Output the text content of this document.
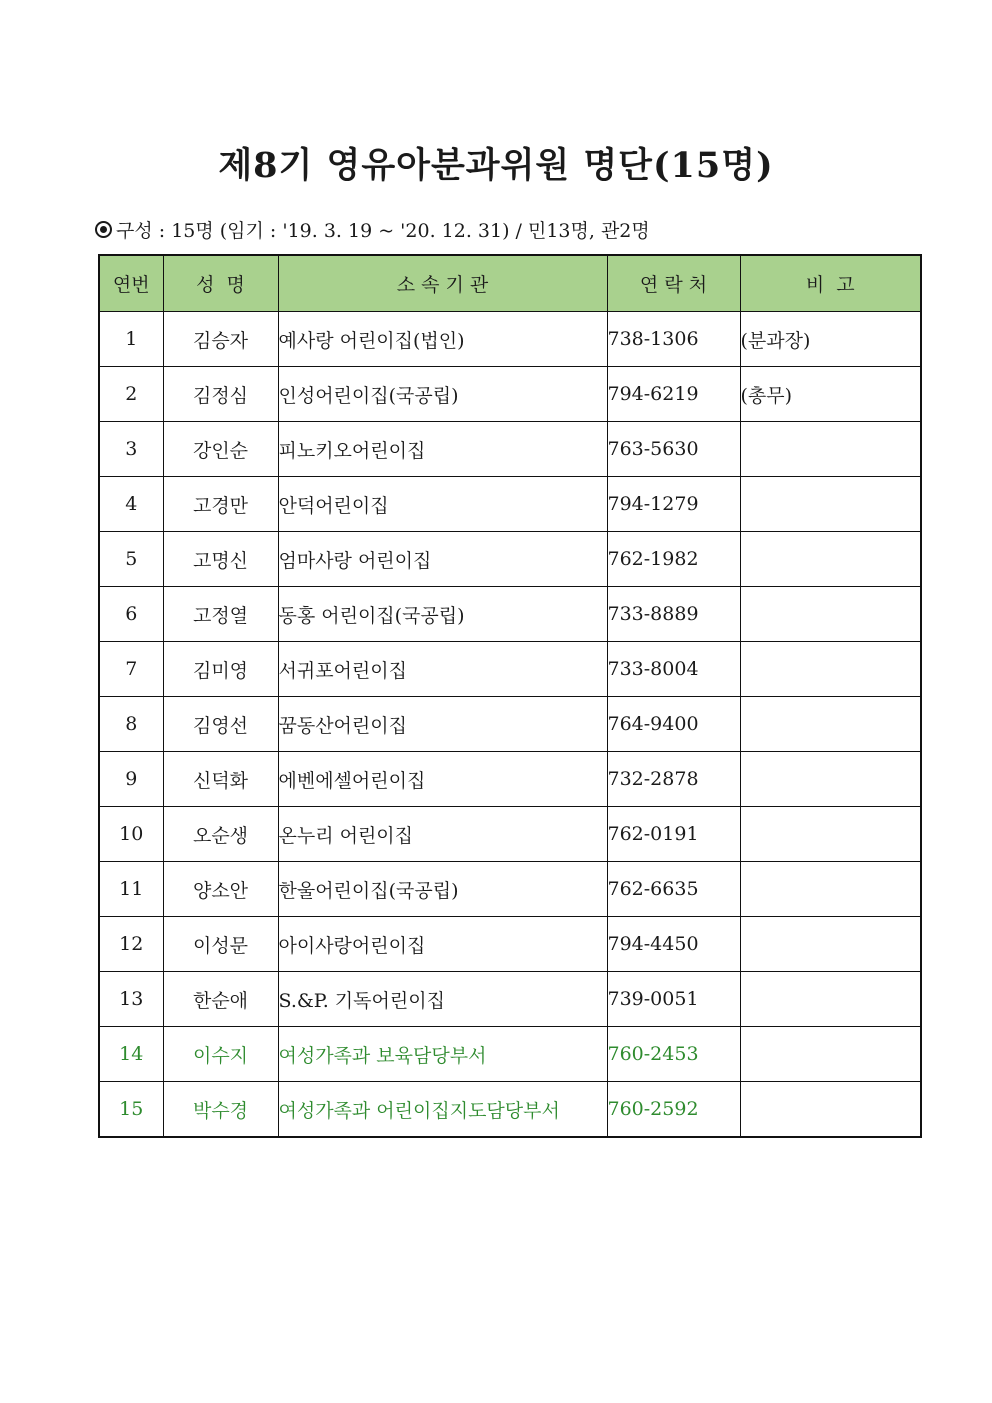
제8기 영유아분과위원 명단(15명)
구성 : 15명 (임기 : '19. 3. 19 ~ '20. 12. 31) / 민13명, 관2명
연번	성  명	소 속 기 관	연 락 처	비  고
1	김승자	예사랑 어린이집(법인)	738-1306	(분과장)
2	김정심	인성어린이집(국공립)	794-6219	(총무)
3	강인순	피노키오어린이집	763-5630	
4	고경만	안덕어린이집	794-1279	
5	고명신	엄마사랑 어린이집	762-1982	
6	고정열	동홍 어린이집(국공립)	733-8889	
7	김미영	서귀포어린이집	733-8004	
8	김영선	꿈동산어린이집	764-9400	
9	신덕화	에벤에셀어린이집	732-2878	
10	오순생	온누리 어린이집	762-0191	
11	양소안	한울어린이집(국공립)	762-6635	
12	이성문	아이사랑어린이집	794-4450	
13	한순애	S.&P. 기독어린이집	739-0051	
14	이수지	여성가족과 보육담당부서	760-2453	
15	박수경	여성가족과 어린이집지도담당부서	760-2592	
